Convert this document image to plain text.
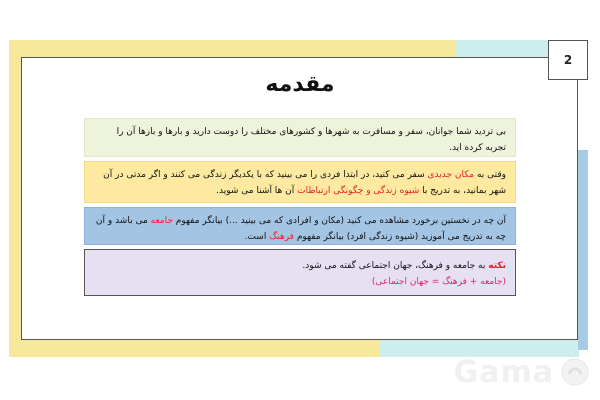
2
مقدمه
بی تردید شما جوانان، سفر و مسافرت به شهرها و کشورهای مختلف را دوست دارید و بارها و بارها آن را تجربه کرده اید.
وقتی به مکان جدیدی سفر می کنید، در ابتدا فردی را می بینید که با یکدیگر زندگی می کنند و اگر مدتی در آن شهر بمانید، به تدریج با شیوه زندگی و چگونگی ارتباطات آن ها آشنا می شوید.
آن چه در نخستین برخورد مشاهده می کنید (مکان و افرادی که می بینید ...) بیانگر مفهوم جامعه می باشد و آن چه به تدریج می آموزید (شیوه زندگی افرد) بیانگر مفهوم فرهنگ است.
نکته به جامعه و فرهنگ، جهان اجتماعی گفته می شود.
(جامعه + فرهنگ = جهان اجتماعی)
Gama
